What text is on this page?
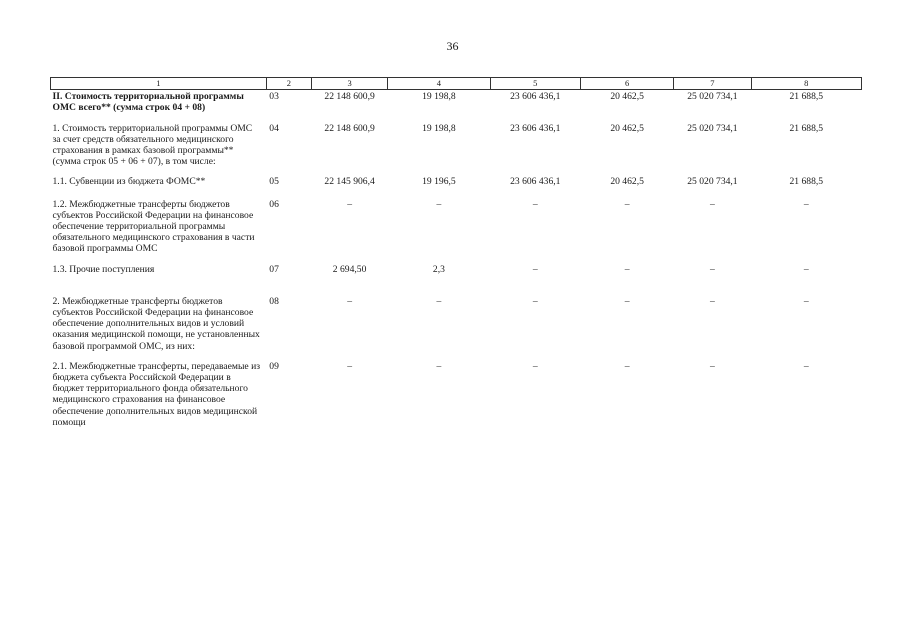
36
1	2	3	4	5	6	7	8
II. Стоимость территориальной программы ОМС всего** (сумма строк 04 + 08)	03	22 148 600,9	19 198,8	23 606 436,1	20 462,5	25 020 734,1	21 688,5
1. Стоимость территориальной программы ОМС за счет средств обязательного медицинского страхования в рамках базовой программы** (сумма строк 05 + 06 + 07), в том числе:	04	22 148 600,9	19 198,8	23 606 436,1	20 462,5	25 020 734,1	21 688,5
1.1. Субвенции из бюджета ФОМС**	05	22 145 906,4	19 196,5	23 606 436,1	20 462,5	25 020 734,1	21 688,5
1.2. Межбюджетные трансферты бюджетов субъектов Российской Федерации на финансовое обеспечение территориальной программы обязательного медицинского страхования в части базовой программы ОМС	06	–	–	–	–	–	–
1.3. Прочие поступления	07	2 694,50	2,3	–	–	–	–
2. Межбюджетные трансферты бюджетов субъектов Российской Федерации на финансовое обеспечение дополнительных видов и условий оказания медицинской помощи, не установленных базовой программой ОМС, из них:	08	–	–	–	–	–	–
2.1. Межбюджетные трансферты, передаваемые из бюджета субъекта Российской Федерации в бюджет территориального фонда обязательного медицинского страхования на финансовое обеспечение дополнительных видов медицинской помощи	09	–	–	–	–	–	–
